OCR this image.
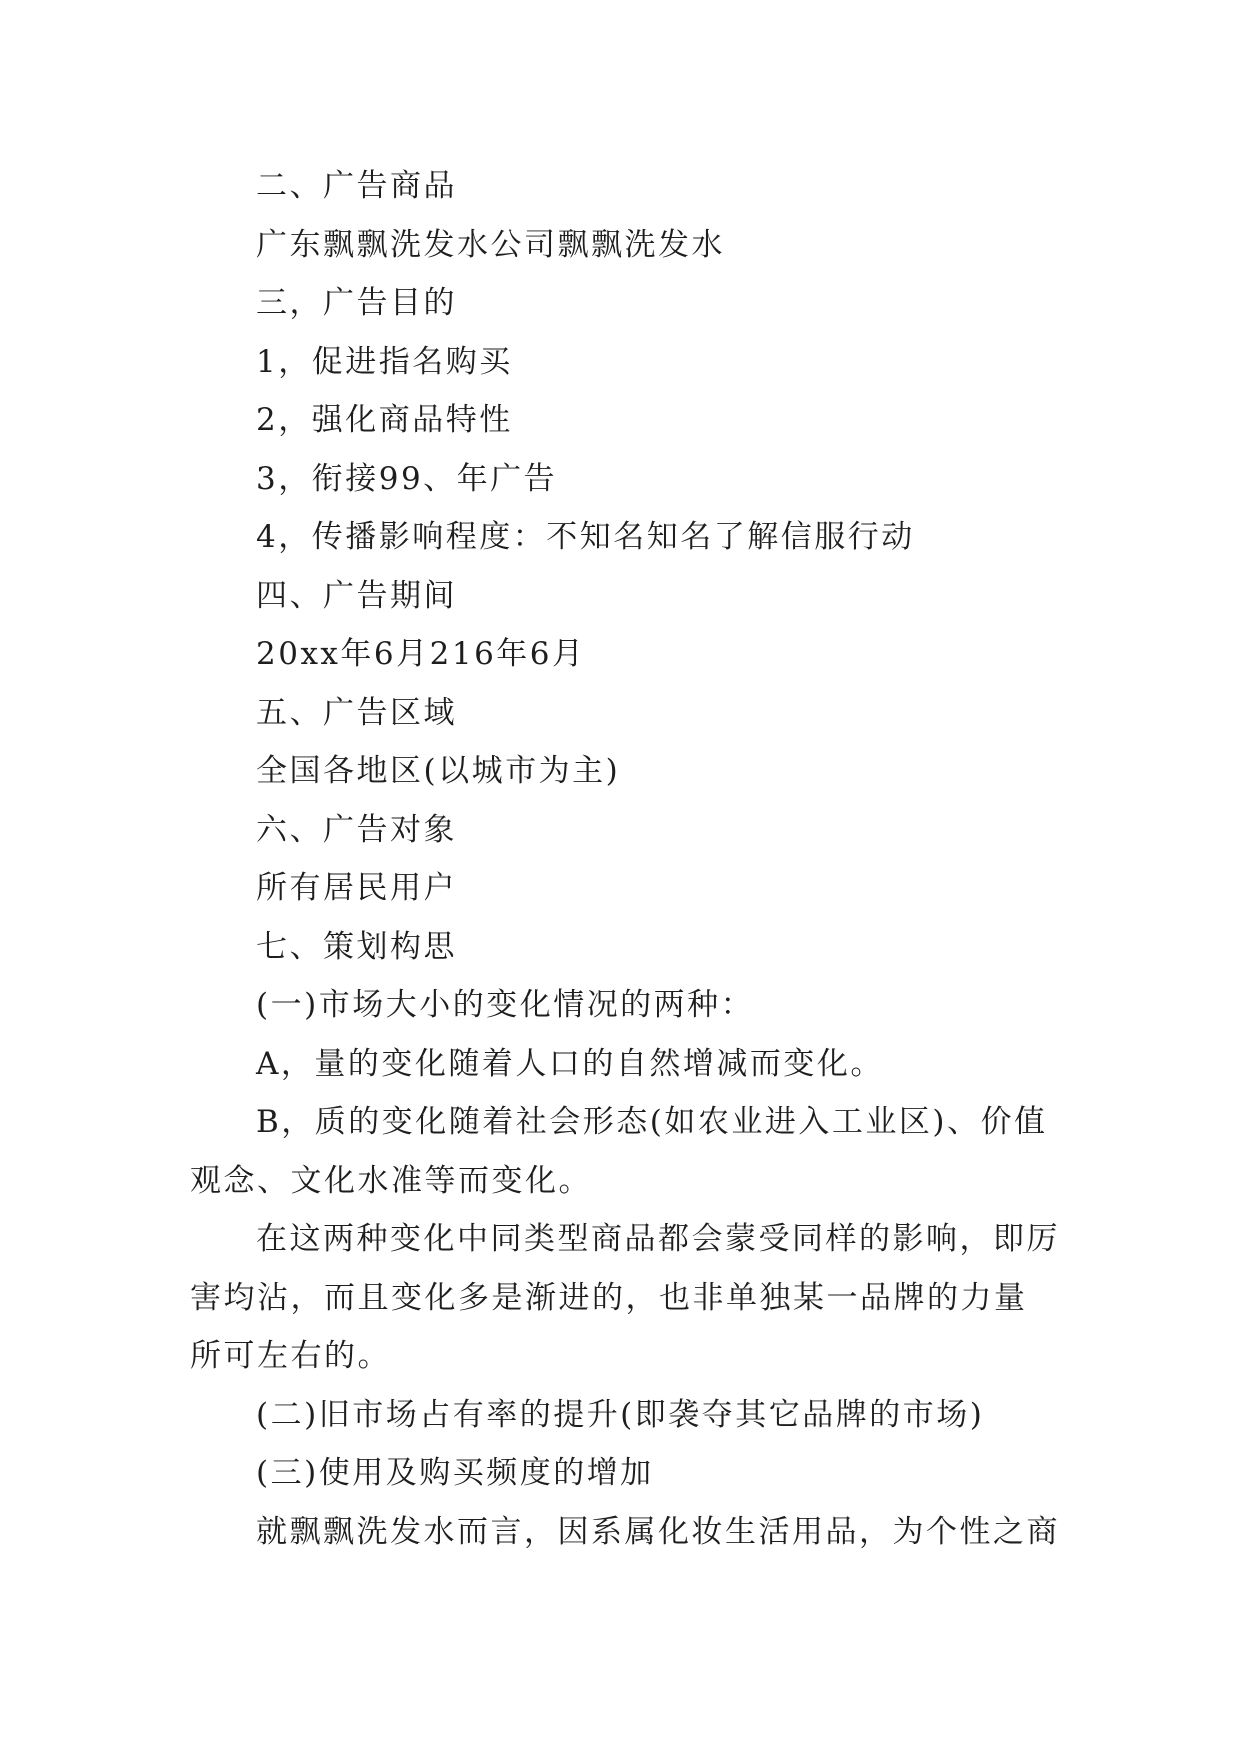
二、广告商品

广东飘飘洗发水公司飘飘洗发水

三，广告目的

1，促进指名购买

2，强化商品特性

3，衔接99、年广告

4，传播影响程度：不知名知名了解信服行动

四、广告期间

20xx年6月216年6月

五、广告区域

全国各地区(以城市为主)

六、广告对象

所有居民用户

七、策划构思

(一)市场大小的变化情况的两种：

A，量的变化随着人口的自然增减而变化。

B，质的变化随着社会形态(如农业进入工业区)、价值观念、文化水准等而变化。

在这两种变化中同类型商品都会蒙受同样的影响，即厉害均沾，而且变化多是渐进的，也非单独某一品牌的力量所可左右的。

(二)旧市场占有率的提升(即袭夺其它品牌的市场)

(三)使用及购买频度的增加

就飘飘洗发水而言，因系属化妆生活用品，为个性之商
